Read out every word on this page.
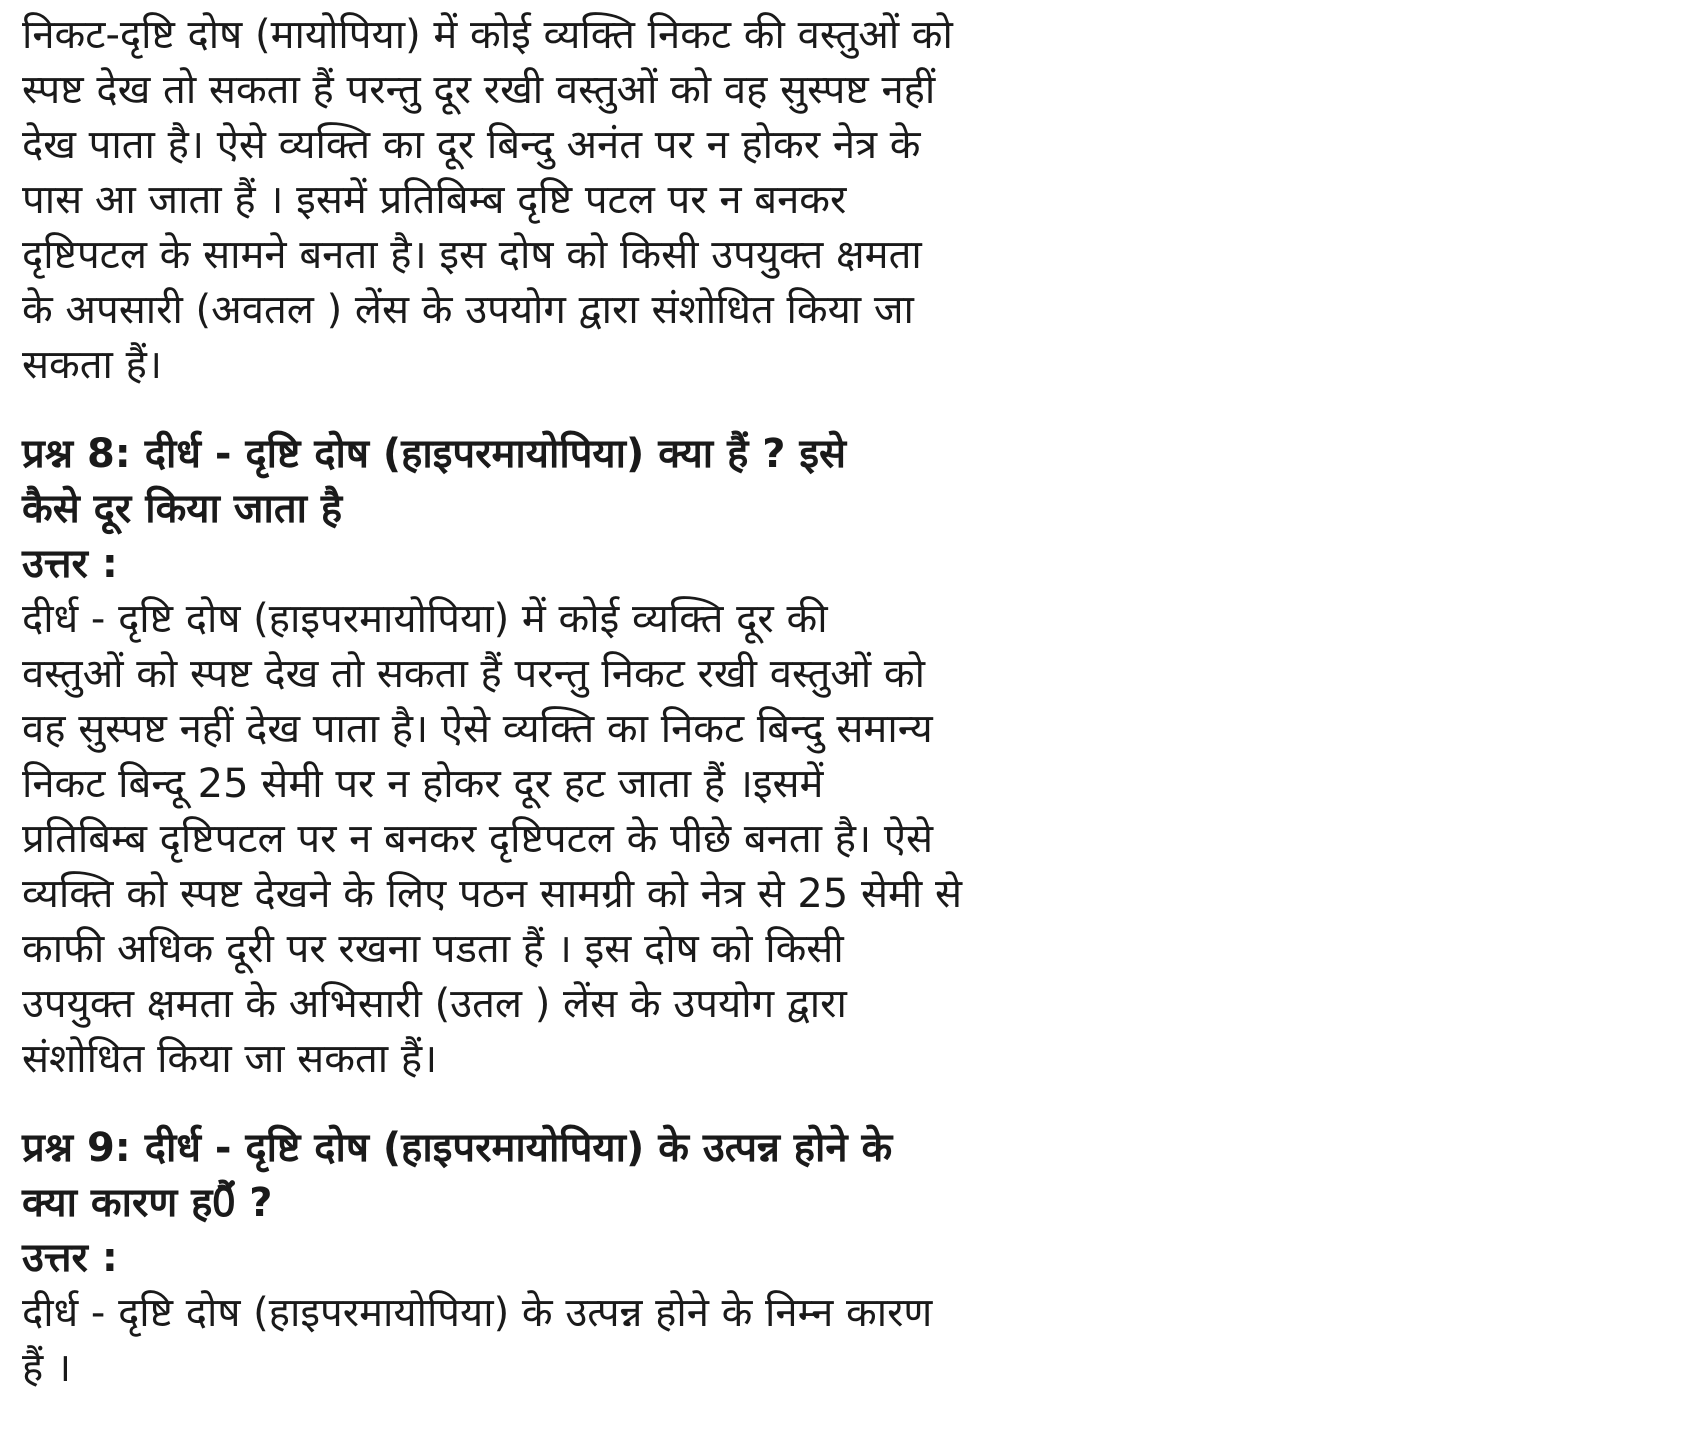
निकट-दृष्टि दोष (मायोपिया) में कोई व्यक्ति निकट की वस्तुओं को
स्पष्ट देख तो सकता हैं परन्तु दूर रखी वस्तुओं को वह सुस्पष्ट नहीं
देख पाता है। ऐसे व्यक्ति का दूर बिन्दु अनंत पर न होकर नेत्र के
पास आ जाता हैं । इसमें प्रतिबिम्ब दृष्टि पटल पर न बनकर
दृष्टिपटल के सामने बनता है। इस दोष को किसी उपयुक्त क्षमता
के अपसारी (अवतल ) लेंस के उपयोग द्वारा संशोधित किया जा
सकता हैं।

प्रश्न 8: दीर्ध - दृष्टि दोष (हाइपरमायोपिया) क्या हैं ? इसे
कैसे दूर किया जाता है

उत्तर :

दीर्ध - दृष्टि दोष (हाइपरमायोपिया) में कोई व्यक्ति दूर की
वस्तुओं को स्पष्ट देख तो सकता हैं परन्तु निकट रखी वस्तुओं को
वह सुस्पष्ट नहीं देख पाता है। ऐसे व्यक्ति का निकट बिन्दु समान्य
निकट बिन्दू 25 सेमी पर न होकर दूर हट जाता हैं ।इसमें
प्रतिबिम्ब दृष्टिपटल पर न बनकर दृष्टिपटल के पीछे बनता है। ऐसे
व्यक्ति को स्पष्ट देखने के लिए पठन सामग्री को नेत्र से 25 सेमी से
काफी अधिक दूरी पर रखना पडता हैं । इस दोष को किसी
उपयुक्त क्षमता के अभिसारी (उतल ) लेंस के उपयोग द्वारा
संशोधित किया जा सकता हैं।

प्रश्न 9: दीर्ध - दृष्टि दोष (हाइपरमायोपिया) के उत्पन्न होने के
क्या कारण ह0ैंं ?

उत्तर :

दीर्ध - दृष्टि दोष (हाइपरमायोपिया) के उत्पन्न होने के निम्न कारण
हैं ।
